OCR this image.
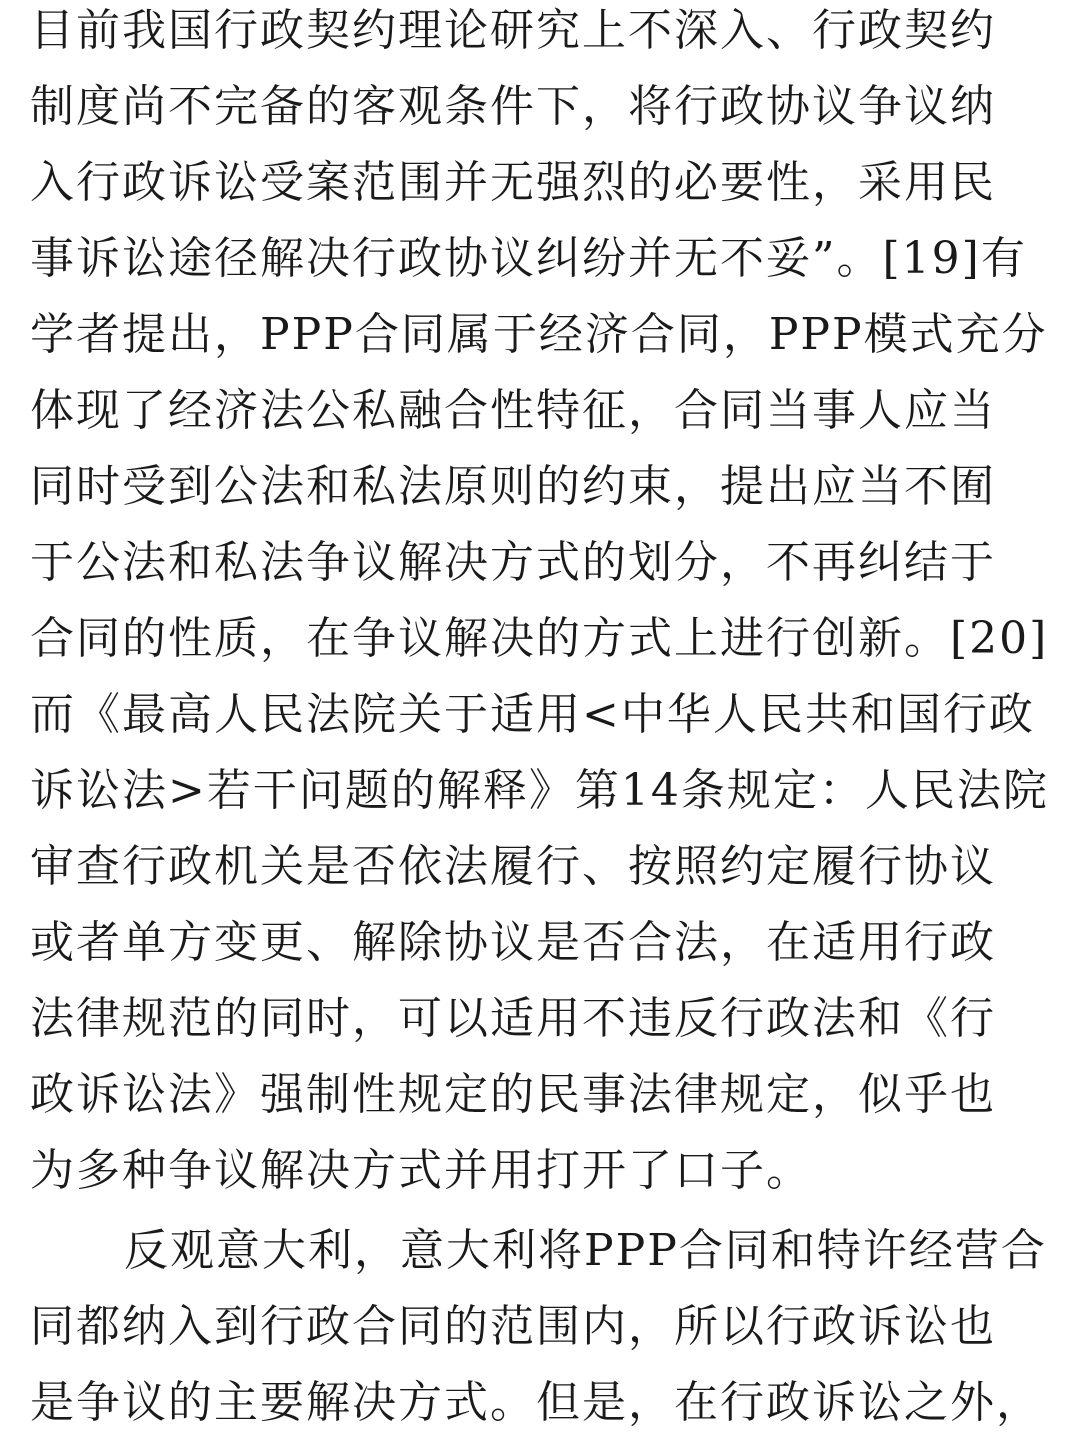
目前我国行政契约理论研究上不深入、行政契约
制度尚不完备的客观条件下，将行政协议争议纳
入行政诉讼受案范围并无强烈的必要性，采用民
事诉讼途径解决行政协议纠纷并无不妥”。[19]有
学者提出，PPP合同属于经济合同，PPP模式充分
体现了经济法公私融合性特征，合同当事人应当
同时受到公法和私法原则的约束，提出应当不囿
于公法和私法争议解决方式的划分，不再纠结于
合同的性质，在争议解决的方式上进行创新。[20]
而《最高人民法院关于适用<中华人民共和国行政
诉讼法>若干问题的解释》第14条规定：人民法院
审查行政机关是否依法履行、按照约定履行协议
或者单方变更、解除协议是否合法，在适用行政
法律规范的同时，可以适用不违反行政法和《行
政诉讼法》强制性规定的民事法律规定，似乎也
为多种争议解决方式并用打开了口子。
反观意大利，意大利将PPP合同和特许经营合
同都纳入到行政合同的范围内，所以行政诉讼也
是争议的主要解决方式。但是，在行政诉讼之外，
